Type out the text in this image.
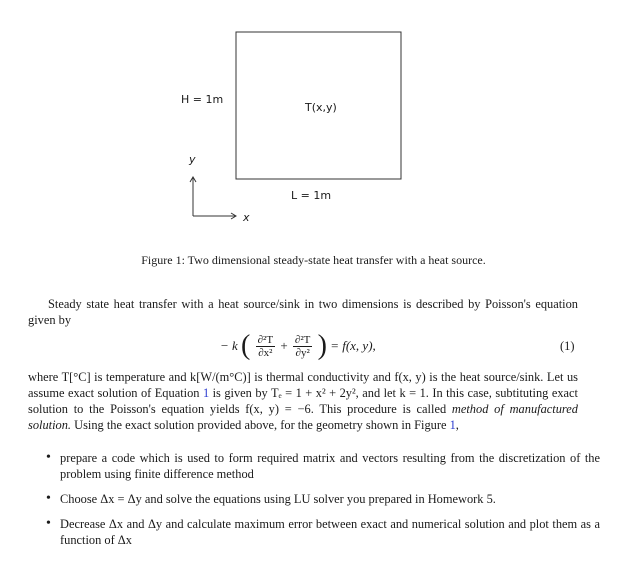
H = 1m
T(x,y)
L = 1m
y
x
Figure 1: Two dimensional steady-state heat transfer with a heat source.
Steady state heat transfer with a heat source/sink in two dimensions is described by Poisson's equation given by
− k ( $\frac{\text{∂²T}}{\text{∂x²}} + \frac{\text{∂²T}}{\text{∂y²}}$ ) = f(x, y),	(1)
where T[°C] is temperature and k[W/(m°C)] is thermal conductivity and f(x, y) is the heat source/sink. Let us assume exact solution of Equation 1 is given by Tₑ = 1 + x² + 2y², and let k = 1. In this case, subtituting exact solution to the Poisson's equation yields f(x, y) = −6. This procedure is called method of manufactured solution. Using the exact solution provided above, for the geometry shown in Figure 1,
• prepare a code which is used to form required matrix and vectors resulting from the discretization of the problem using finite difference method
• Choose Δx = Δy and solve the equations using LU solver you prepared in Homework 5.
• Decrease Δx and Δy and calculate maximum error between exact and numerical solution and plot them as a function of Δx
